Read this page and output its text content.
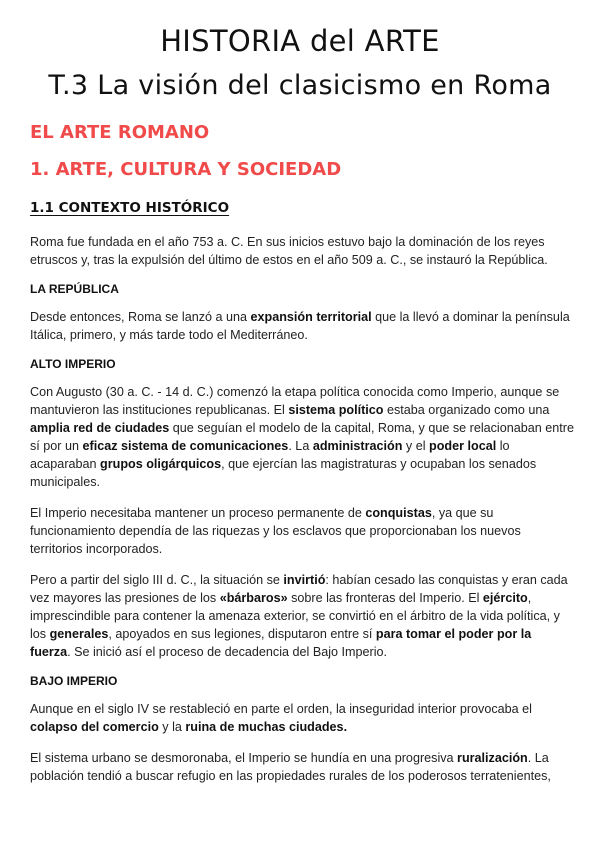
HISTORIA del ARTE
T.3 La visión del clasicismo en Roma
EL ARTE ROMANO
1. ARTE, CULTURA Y SOCIEDAD
1.1 CONTEXTO HISTÓRICO

Roma fue fundada en el año 753 a. C. En sus inicios estuvo bajo la dominación de los reyes etruscos y, tras la expulsión del último de estos en el año 509 a. C., se instauró la República.

LA REPÚBLICA

Desde entonces, Roma se lanzó a una expansión territorial que la llevó a dominar la península Itálica, primero, y más tarde todo el Mediterráneo.

ALTO IMPERIO

Con Augusto (30 a. C. - 14 d. C.) comenzó la etapa política conocida como Imperio, aunque se mantuvieron las instituciones republicanas. El sistema político estaba organizado como una amplia red de ciudades que seguían el modelo de la capital, Roma, y que se relacionaban entre sí por un eficaz sistema de comunicaciones. La administración y el poder local lo acaparaban grupos oligárquicos, que ejercían las magistraturas y ocupaban los senados municipales.

El Imperio necesitaba mantener un proceso permanente de conquistas, ya que su funcionamiento dependía de las riquezas y los esclavos que proporcionaban los nuevos territorios incorporados.

Pero a partir del siglo III d. C., la situación se invirtió: habían cesado las conquistas y eran cada vez mayores las presiones de los «bárbaros» sobre las fronteras del Imperio. El ejército, imprescindible para contener la amenaza exterior, se convirtió en el árbitro de la vida política, y los generales, apoyados en sus legiones, disputaron entre sí para tomar el poder por la fuerza. Se inició así el proceso de decadencia del Bajo Imperio.

BAJO IMPERIO

Aunque en el siglo IV se restableció en parte el orden, la inseguridad interior provocaba el colapso del comercio y la ruina de muchas ciudades.

El sistema urbano se desmoronaba, el Imperio se hundía en una progresiva ruralización. La población tendió a buscar refugio en las propiedades rurales de los poderosos terratenientes,
